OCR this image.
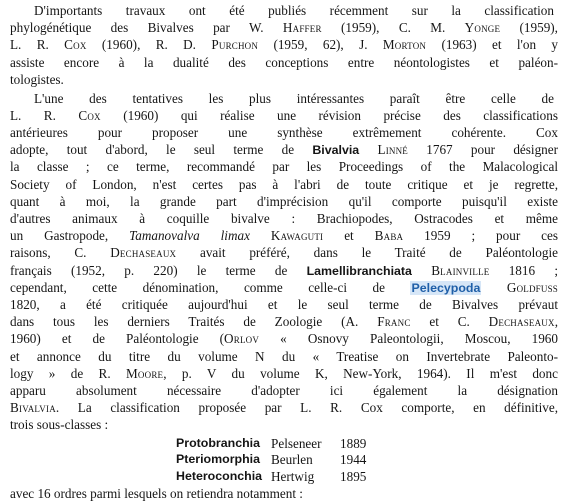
D'importants travaux ont été publiés récemment sur la classification
phylogénétique des Bivalves par W. Haffer (1959), C. M. Yonge (1959),
L. R. Cox (1960), R. D. Purchon (1959, 62), J. Morton (1963) et l'on y
assiste encore à la dualité des conceptions entre néontologistes et paléon-
tologistes.
L'une des tentatives les plus intéressantes paraît être celle de
L. R. Cox (1960) qui réalise une révision précise des classifications
antérieures pour proposer une synthèse extrêmement cohérente. Cox
adopte, tout d'abord, le seul terme de Bivalvia Linné 1767 pour désigner
la classe ; ce terme, recommandé par les Proceedings of the Malacological
Society of London, n'est certes pas à l'abri de toute critique et je regrette,
quant à moi, la grande part d'imprécision qu'il comporte puisqu'il existe
d'autres animaux à coquille bivalve : Brachiopodes, Ostracodes et même
un Gastropode, Tamanovalva limax Kawaguti et Baba 1959 ; pour ces
raisons, C. Dechaseaux avait préféré, dans le Traité de Paléontologie
français (1952, p. 220) le terme de Lamellibranchiata Blainville 1816 ;
cependant, cette dénomination, comme celle-ci de Pelecypoda Goldfuss
1820, a été critiquée aujourd'hui et le seul terme de Bivalves prévaut
dans tous les derniers Traités de Zoologie (A. Franc et C. Dechaseaux,
1960) et de Paléontologie (Orlov « Osnovy Paleontologii, Moscou, 1960
et annonce du titre du volume N du « Treatise on Invertebrate Paleonto-
logy » de R. Moore, p. V du volume K, New-York, 1964). Il m'est donc
apparu absolument nécessaire d'adopter ici également la désignation
Bivalvia. La classification proposée par L. R. Cox comporte, en définitive,
trois sous-classes :
Protobranchia Pelseneer 1889
Pteriomorphia Beurlen 1944
Heteroconchia Hertwig 1895
avec 16 ordres parmi lesquels on retiendra notamment :
